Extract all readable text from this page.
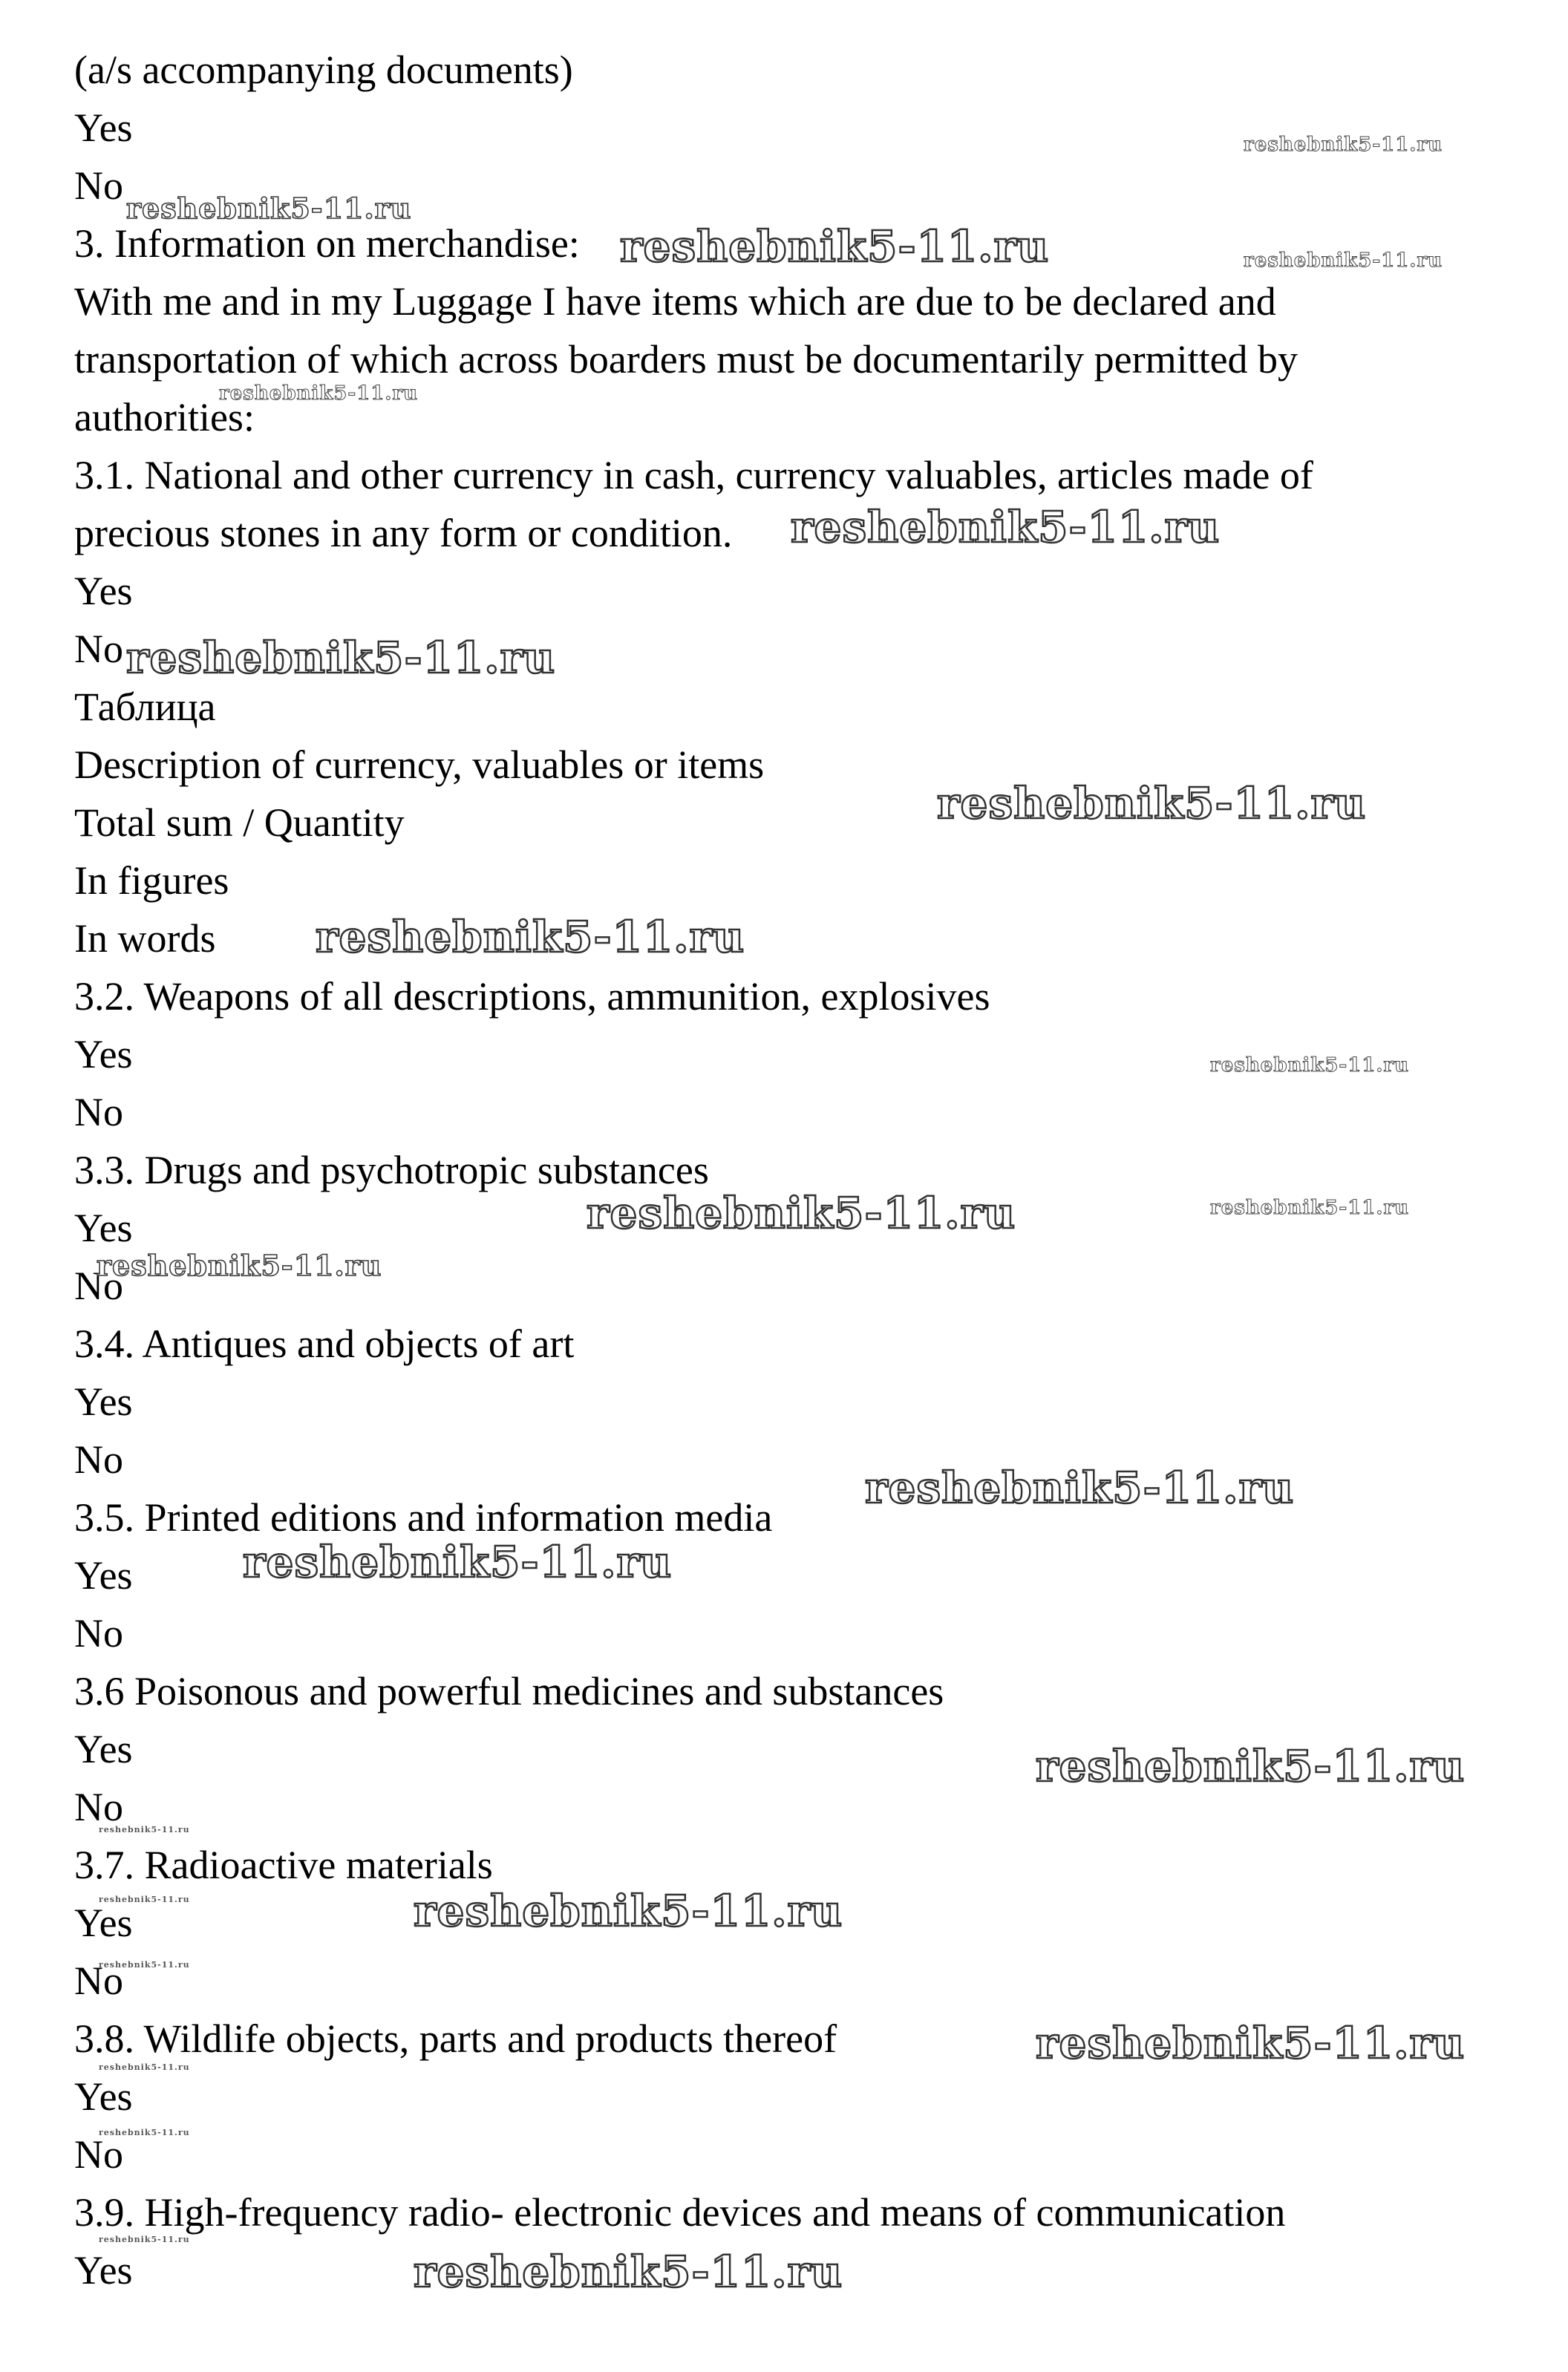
(a/s accompanying documents)
Yes
No
3. Information on merchandise:
With me and in my Luggage I have items which are due to be declared and
transportation of which across boarders must be documentarily permitted by
authorities:
3.1. National and other currency in cash, currency valuables, articles made of
precious stones in any form or condition.
Yes
No
Таблица
Description of currency, valuables or items
Total sum / Quantity
In figures
In words
3.2. Weapons of all descriptions, ammunition, explosives
Yes
No
3.3. Drugs and psychotropic substances
Yes
No
3.4. Antiques and objects of art
Yes
No
3.5. Printed editions and information media
Yes
No
3.6 Poisonous and powerful medicines and substances
Yes
No
3.7. Radioactive materials
Yes
No
3.8. Wildlife objects, parts and products thereof
Yes
No
3.9. High-frequency radio- electronic devices and means of communication
Yes
reshebnik5-11.ru
reshebnik5-11.ru
reshebnik5-11.ru	reshebnik5-11.ru
reshebnik5-11.ru
reshebnik5-11.ru
reshebnik5-11.ru
reshebnik5-11.ru
reshebnik5-11.ru
reshebnik5-11.ru
reshebnik5-11.ru	reshebnik5-11.ru
reshebnik5-11.ru
reshebnik5-11.ru
reshebnik5-11.ru
reshebnik5-11.ru
reshebnik5-11.ru
reshebnik5-11.ru	reshebnik5-11.ru
reshebnik5-11.ru
reshebnik5-11.ru
reshebnik5-11.ru
reshebnik5-11.ru
reshebnik5-11.ru
reshebnik5-11.ru
